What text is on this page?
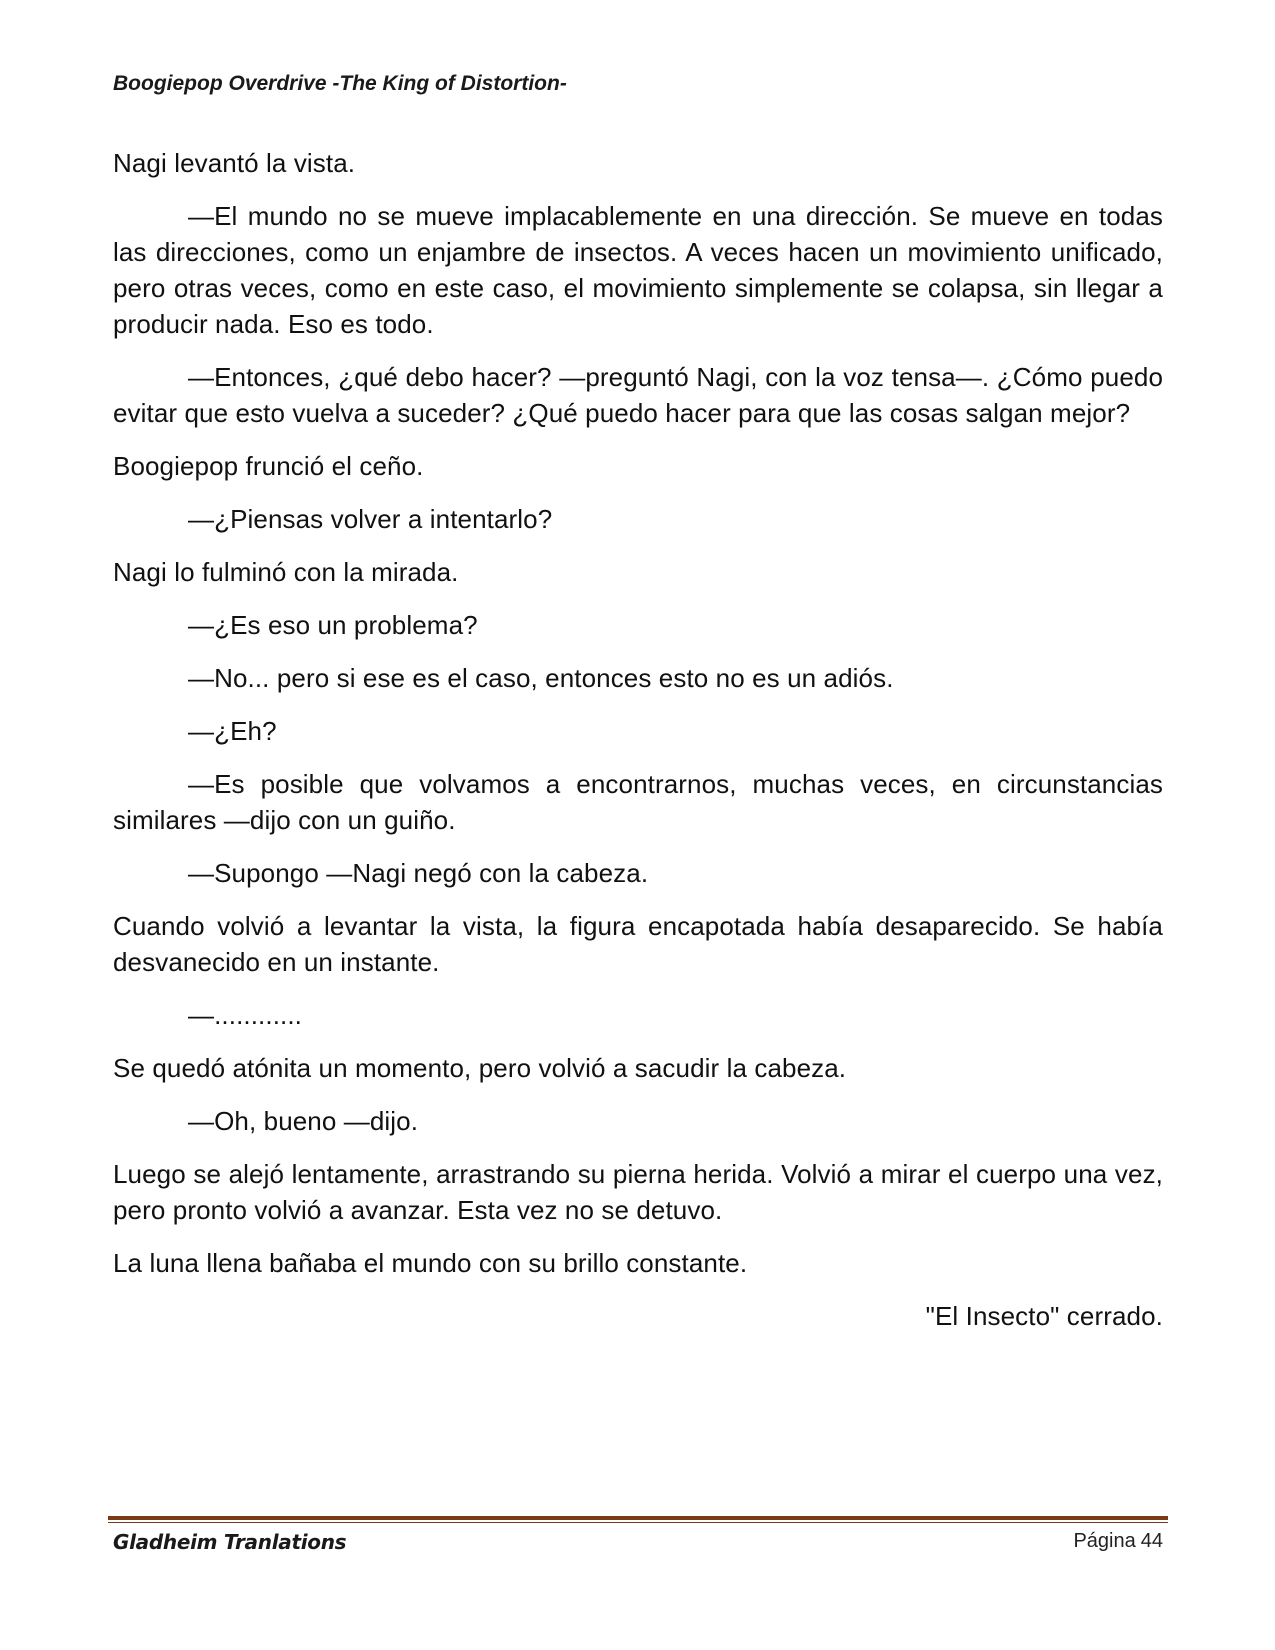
Boogiepop Overdrive -The King of Distortion-

Nagi levantó la vista.

—El mundo no se mueve implacablemente en una dirección. Se mueve en todas las direcciones, como un enjambre de insectos. A veces hacen un movimiento unificado, pero otras veces, como en este caso, el movimiento simplemente se colapsa, sin llegar a producir nada. Eso es todo.

—Entonces, ¿qué debo hacer? —preguntó Nagi, con la voz tensa—. ¿Cómo puedo evitar que esto vuelva a suceder? ¿Qué puedo hacer para que las cosas salgan mejor?

Boogiepop frunció el ceño.

—¿Piensas volver a intentarlo?

Nagi lo fulminó con la mirada.

—¿Es eso un problema?

—No... pero si ese es el caso, entonces esto no es un adiós.

—¿Eh?

—Es posible que volvamos a encontrarnos, muchas veces, en circunstancias similares —dijo con un guiño.

—Supongo —Nagi negó con la cabeza.

Cuando volvió a levantar la vista, la figura encapotada había desaparecido. Se había desvanecido en un instante.

—............

Se quedó atónita un momento, pero volvió a sacudir la cabeza.

—Oh, bueno —dijo.

Luego se alejó lentamente, arrastrando su pierna herida. Volvió a mirar el cuerpo una vez, pero pronto volvió a avanzar. Esta vez no se detuvo.

La luna llena bañaba el mundo con su brillo constante.

"El Insecto" cerrado.

Gladheim Tranlations	Página 44
